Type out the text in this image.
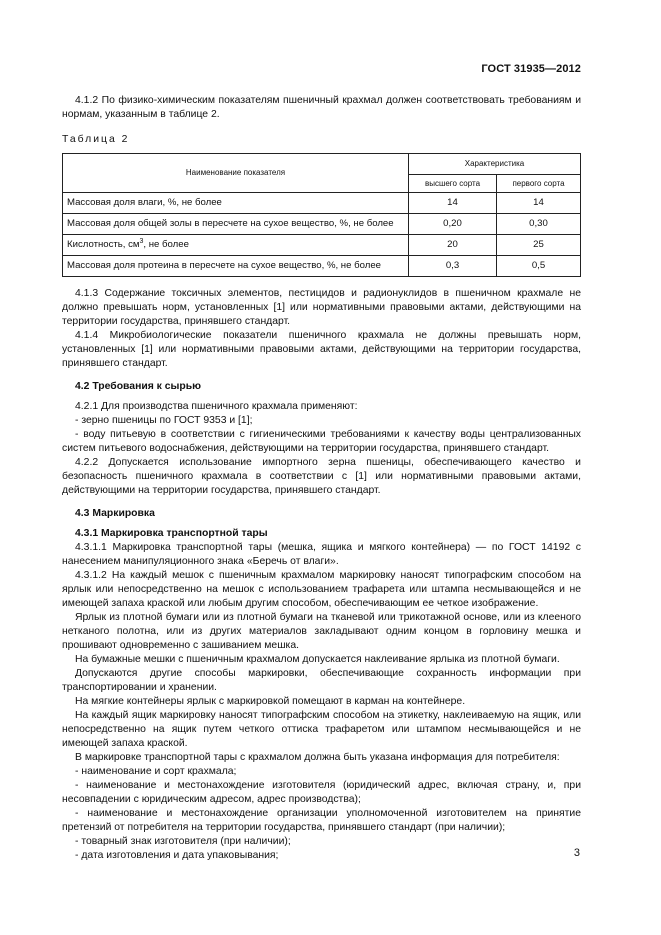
ГОСТ 31935—2012

4.1.2 По физико-химическим показателям пшеничный крахмал должен соответствовать требованиям и нормам, указанным в таблице 2.

Таблица 2

Наименование показателя	Характеристика	
	высшего сорта	первого сорта
Массовая доля влаги, %, не более	14	14
Массовая доля общей золы в пересчете на сухое вещество, %, не более	0,20	0,30
Кислотность, $см^3$, не более	20	25
Массовая доля протеина в пересчете на сухое вещество, %, не более	0,3	0,5

4.1.3 Содержание токсичных элементов, пестицидов и радионуклидов в пшеничном крахмале не должно превышать норм, установленных [1] или нормативными правовыми актами, действующими на территории государства, принявшего стандарт.

4.1.4 Микробиологические показатели пшеничного крахмала не должны превышать норм, установленных [1] или нормативными правовыми актами, действующими на территории государства, принявшего стандарт.

4.2 Требования к сырью

4.2.1 Для производства пшеничного крахмала применяют:

- зерно пшеницы по ГОСТ 9353 и [1];

- воду питьевую в соответствии с гигиеническими требованиями к качеству воды централизованных систем питьевого водоснабжения, действующими на территории государства, принявшего стандарт.

4.2.2 Допускается использование импортного зерна пшеницы, обеспечивающего качество и безопасность пшеничного крахмала в соответствии с [1] или нормативными правовыми актами, действующими на территории государства, принявшего стандарт.

4.3 Маркировка

4.3.1 Маркировка транспортной тары

4.3.1.1 Маркировка транспортной тары (мешка, ящика и мягкого контейнера) — по ГОСТ 14192 с нанесением манипуляционного знака «Беречь от влаги».

4.3.1.2 На каждый мешок с пшеничным крахмалом маркировку наносят типографским способом на ярлык или непосредственно на мешок с использованием трафарета или штампа несмывающейся и не имеющей запаха краской или любым другим способом, обеспечивающим ее четкое изображение.

Ярлык из плотной бумаги или из плотной бумаги на тканевой или трикотажной основе, или из клееного нетканого полотна, или из других материалов закладывают одним концом в горловину мешка и прошивают одновременно с зашиванием мешка.

На бумажные мешки с пшеничным крахмалом допускается наклеивание ярлыка из плотной бумаги.

Допускаются другие способы маркировки, обеспечивающие сохранность информации при транспортировании и хранении.

На мягкие контейнеры ярлык с маркировкой помещают в карман на контейнере.

На каждый ящик маркировку наносят типографским способом на этикетку, наклеиваемую на ящик, или непосредственно на ящик путем четкого оттиска трафаретом или штампом несмывающейся и не имеющей запаха краской.

В маркировке транспортной тары с крахмалом должна быть указана информация для потребителя:

- наименование и сорт крахмала;

- наименование и местонахождение изготовителя (юридический адрес, включая страну, и, при несовпадении с юридическим адресом, адрес производства);

- наименование и местонахождение организации уполномоченной изготовителем на принятие претензий от потребителя на территории государства, принявшего стандарт (при наличии);

- товарный знак изготовителя (при наличии);

- дата изготовления и дата упаковывания;	3
